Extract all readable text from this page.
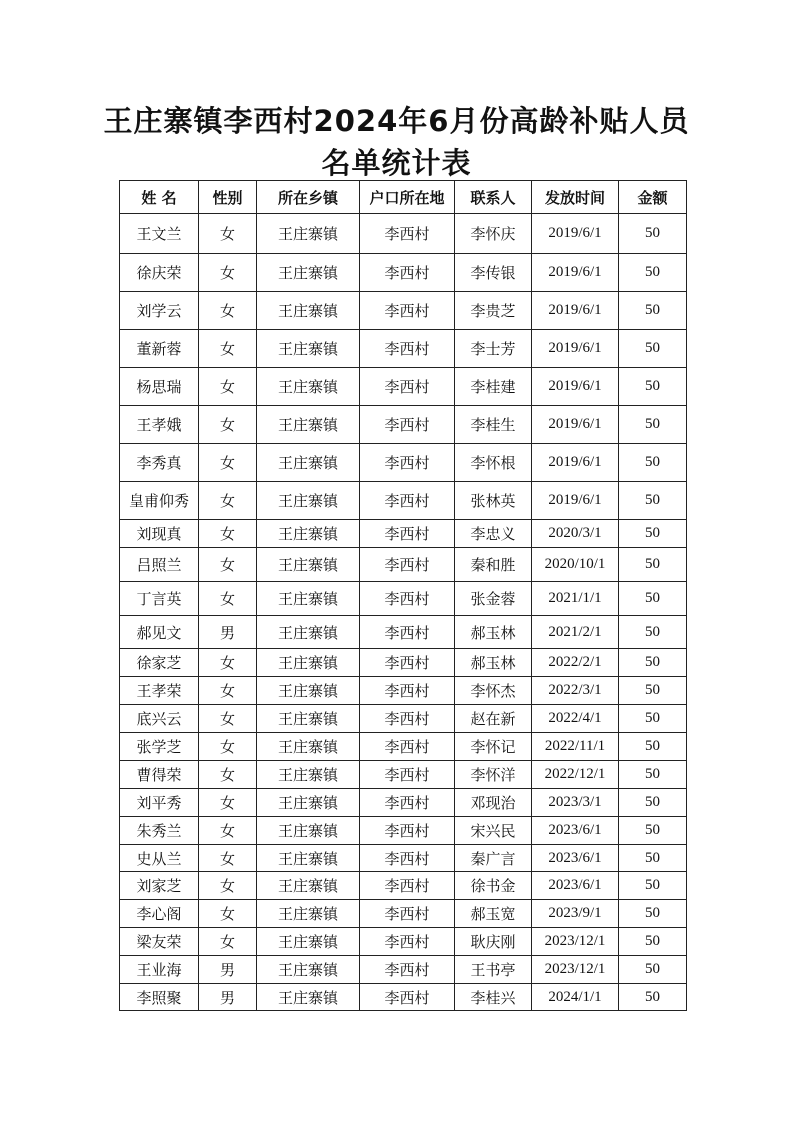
王庄寨镇李西村2024年6月份高龄补贴人员
名单统计表
姓 名	性别	所在乡镇	户口所在地	联系人	发放时间	金额
王文兰	女	王庄寨镇	李西村	李怀庆	2019/6/1	50
徐庆荣	女	王庄寨镇	李西村	李传银	2019/6/1	50
刘学云	女	王庄寨镇	李西村	李贵芝	2019/6/1	50
董新蓉	女	王庄寨镇	李西村	李士芳	2019/6/1	50
杨思瑞	女	王庄寨镇	李西村	李桂建	2019/6/1	50
王孝娥	女	王庄寨镇	李西村	李桂生	2019/6/1	50
李秀真	女	王庄寨镇	李西村	李怀根	2019/6/1	50
皇甫仰秀	女	王庄寨镇	李西村	张林英	2019/6/1	50
刘现真	女	王庄寨镇	李西村	李忠义	2020/3/1	50
吕照兰	女	王庄寨镇	李西村	秦和胜	2020/10/1	50
丁言英	女	王庄寨镇	李西村	张金蓉	2021/1/1	50
郝见文	男	王庄寨镇	李西村	郝玉林	2021/2/1	50
徐家芝	女	王庄寨镇	李西村	郝玉林	2022/2/1	50
王孝荣	女	王庄寨镇	李西村	李怀杰	2022/3/1	50
底兴云	女	王庄寨镇	李西村	赵在新	2022/4/1	50
张学芝	女	王庄寨镇	李西村	李怀记	2022/11/1	50
曹得荣	女	王庄寨镇	李西村	李怀洋	2022/12/1	50
刘平秀	女	王庄寨镇	李西村	邓现治	2023/3/1	50
朱秀兰	女	王庄寨镇	李西村	宋兴民	2023/6/1	50
史从兰	女	王庄寨镇	李西村	秦广言	2023/6/1	50
刘家芝	女	王庄寨镇	李西村	徐书金	2023/6/1	50
李心阁	女	王庄寨镇	李西村	郝玉宽	2023/9/1	50
梁友荣	女	王庄寨镇	李西村	耿庆刚	2023/12/1	50
王业海	男	王庄寨镇	李西村	王书亭	2023/12/1	50
李照聚	男	王庄寨镇	李西村	李桂兴	2024/1/1	50
